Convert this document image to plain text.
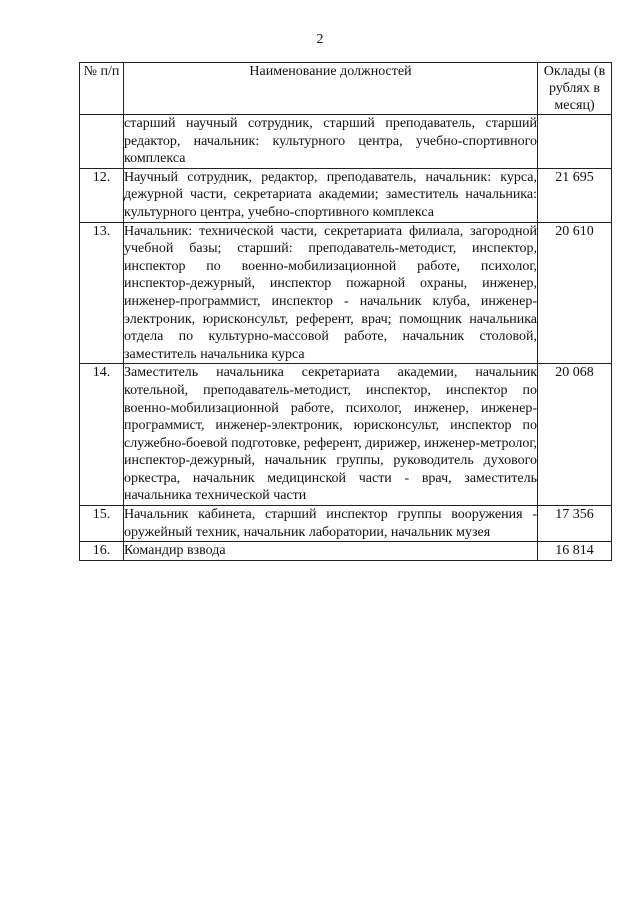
2
№ п/п	Наименование должностей	Оклады (в рублях в месяц)
	старший научный сотрудник, старший преподаватель, старший редактор, начальник: культурного центра, учебно-спортивного комплекса	
12.	Научный сотрудник, редактор, преподаватель, начальник: курса, дежурной части, секретариата академии; заместитель начальника: культурного центра, учебно-спортивного комплекса	21 695
13.	Начальник: технической части, секретариата филиала, загородной учебной базы; старший: преподаватель-методист, инспектор, инспектор по военно-мобилизационной работе, психолог, инспектор-дежурный, инспектор пожарной охраны, инженер, инженер-программист, инспектор - начальник клуба, инженер-электроник, юрисконсульт, референт, врач; помощник начальника отдела по культурно-массовой работе, начальник столовой, заместитель начальника курса	20 610
14.	Заместитель начальника секретариата академии, начальник котельной, преподаватель-методист, инспектор, инспектор по военно-мобилизационной работе, психолог, инженер, инженер-программист, инженер-электроник, юрисконсульт, инспектор по служебно-боевой подготовке, референт, дирижер, инженер-метролог, инспектор-дежурный, начальник группы, руководитель духового оркестра, начальник медицинской части - врач, заместитель начальника технической части	20 068
15.	Начальник кабинета, старший инспектор группы вооружения - оружейный техник, начальник лаборатории, начальник музея	17 356
16.	Командир взвода	16 814
